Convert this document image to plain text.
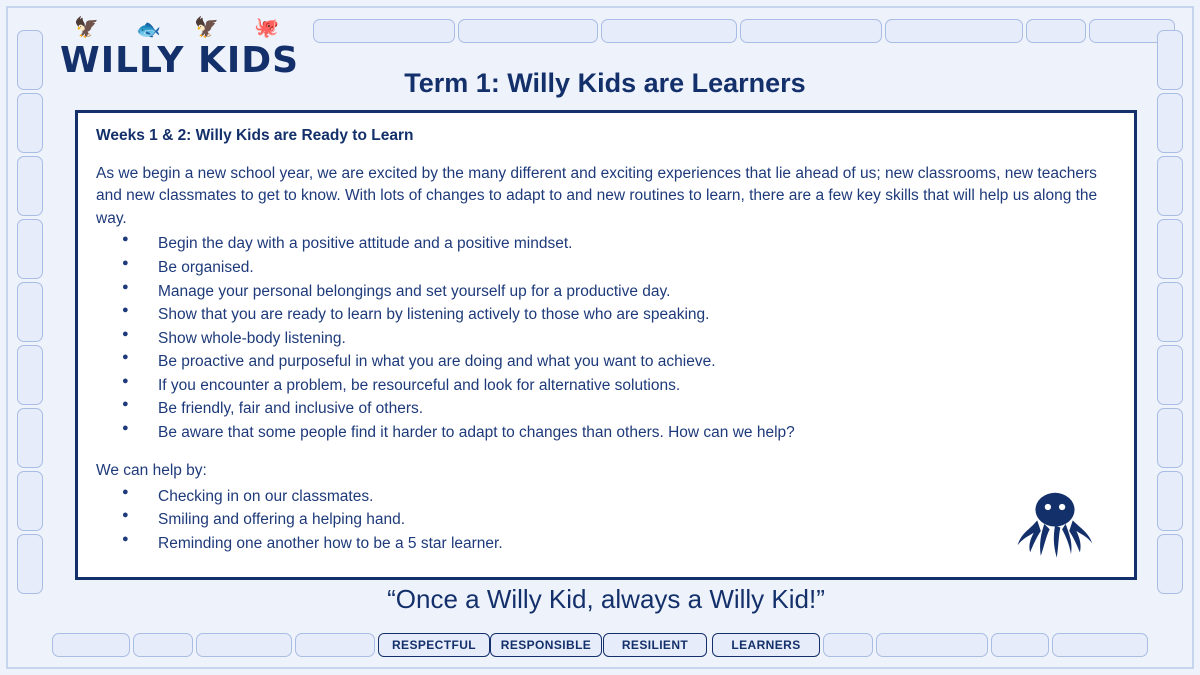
🦅 🐟 🦅 🐙
WILLY KIDS
Term 1: Willy Kids are Learners
Weeks 1 & 2: Willy Kids are Ready to Learn

As we begin a new school year, we are excited by the many different and exciting experiences that lie ahead of us; new classrooms, new teachers and new classmates to get to know. With lots of changes to adapt to and new routines to learn, there are a few key skills that will help us along the way.

● Begin the day with a positive attitude and a positive mindset.
● Be organised.
● Manage your personal belongings and set yourself up for a productive day.
● Show that you are ready to learn by listening actively to those who are speaking.
● Show whole-body listening.
● Be proactive and purposeful in what you are doing and what you want to achieve.
● If you encounter a problem, be resourceful and look for alternative solutions.
● Be friendly, fair and inclusive of others.
● Be aware that some people find it harder to adapt to changes than others. How can we help?

We can help by:

● Checking in on our classmates.
● Smiling and offering a helping hand.
● Reminding one another how to be a 5 star learner.
“Once a Willy Kid, always a Willy Kid!”
RESPECTFUL	RESPONSIBLE	RESILIENT	LEARNERS
